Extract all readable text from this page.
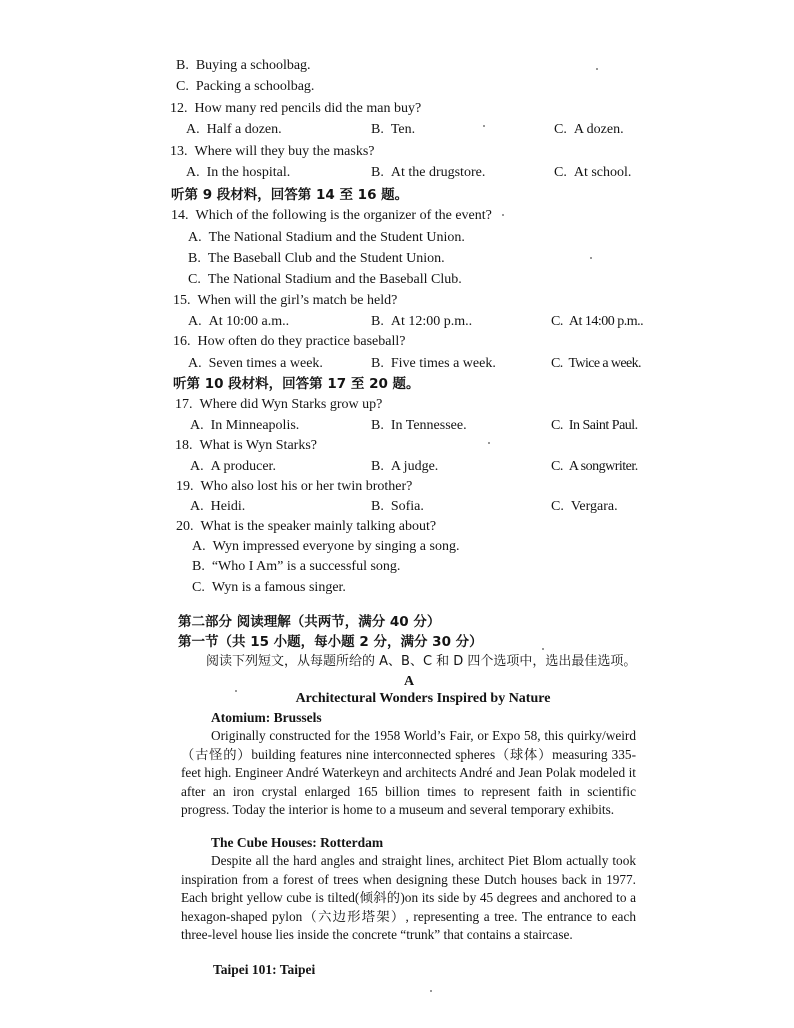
B. Buying a schoolbag.
C. Packing a schoolbag.
12. How many red pencils did the man buy?
A. Half a dozen.	B. Ten.	C. A dozen.
13. Where will they buy the masks?
A. In the hospital.	B. At the drugstore.	C. At school.
听第 9 段材料，回答第 14 至 16 题。
14. Which of the following is the organizer of the event?
A. The National Stadium and the Student Union.
B. The Baseball Club and the Student Union.
C. The National Stadium and the Baseball Club.
15. When will the girl’s match be held?
A. At 10:00 a.m..	B. At 12:00 p.m..	C. At 14:00 p.m..
16. How often do they practice baseball?
A. Seven times a week.	B. Five times a week.	C. Twice a week.
听第 10 段材料，回答第 17 至 20 题。
17. Where did Wyn Starks grow up?
A. In Minneapolis.	B. In Tennessee.	C. In Saint Paul.
18. What is Wyn Starks?
A. A producer.	B. A judge.	C. A songwriter.
19. Who also lost his or her twin brother?
A. Heidi.	B. Sofia.	C. Vergara.
20. What is the speaker mainly talking about?
A. Wyn impressed everyone by singing a song.
B. “Who I Am” is a successful song.
C. Wyn is a famous singer.
第二部分 阅读理解（共两节，满分 40 分）
第一节（共 15 小题，每小题 2 分，满分 30 分）
阅读下列短文，从每题所给的 A、B、C 和 D 四个选项中，选出最佳选项。
A
Architectural Wonders Inspired by Nature
Atomium: Brussels
Originally constructed for the 1958 World’s Fair, or Expo 58, this quirky/weird（古怪的）building features nine interconnected spheres（球体）measuring 335-feet high. Engineer André Waterkeyn and architects André and Jean Polak modeled it after an iron crystal enlarged 165 billion times to represent faith in scientific progress. Today the interior is home to a museum and several temporary exhibits.
The Cube Houses: Rotterdam
Despite all the hard angles and straight lines, architect Piet Blom actually took inspiration from a forest of trees when designing these Dutch houses back in 1977. Each bright yellow cube is tilted(倾斜的)on its side by 45 degrees and anchored to a hexagon-shaped pylon（六边形塔架）, representing a tree. The entrance to each three-level house lies inside the concrete “trunk” that contains a staircase.
Taipei 101: Taipei
